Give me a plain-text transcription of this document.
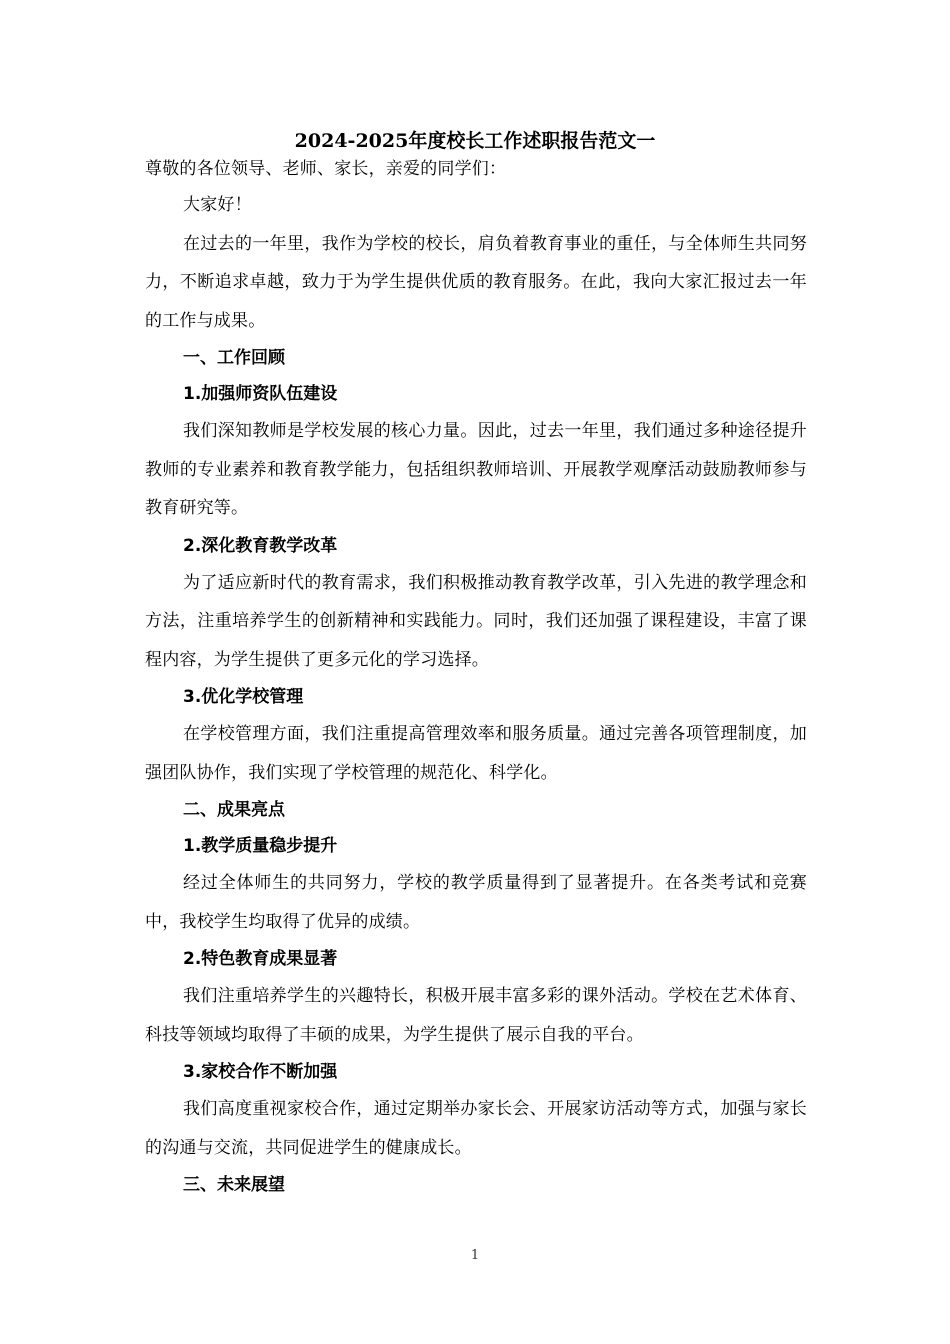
2024-2025年度校长工作述职报告范文一

尊敬的各位领导、老师、家长，亲爱的同学们：

大家好！

在过去的一年里，我作为学校的校长，肩负着教育事业的重任，与全体师生共同努力，不断追求卓越，致力于为学生提供优质的教育服务。在此，我向大家汇报过去一年的工作与成果。

一、工作回顾

1.加强师资队伍建设

我们深知教师是学校发展的核心力量。因此，过去一年里，我们通过多种途径提升教师的专业素养和教育教学能力，包括组织教师培训、开展教学观摩活动鼓励教师参与教育研究等。

2.深化教育教学改革

为了适应新时代的教育需求，我们积极推动教育教学改革，引入先进的教学理念和方法，注重培养学生的创新精神和实践能力。同时，我们还加强了课程建设，丰富了课程内容，为学生提供了更多元化的学习选择。

3.优化学校管理

在学校管理方面，我们注重提高管理效率和服务质量。通过完善各项管理制度，加强团队协作，我们实现了学校管理的规范化、科学化。

二、成果亮点

1.教学质量稳步提升

经过全体师生的共同努力，学校的教学质量得到了显著提升。在各类考试和竞赛中，我校学生均取得了优异的成绩。

2.特色教育成果显著

我们注重培养学生的兴趣特长，积极开展丰富多彩的课外活动。学校在艺术体育、科技等领域均取得了丰硕的成果，为学生提供了展示自我的平台。

3.家校合作不断加强

我们高度重视家校合作，通过定期举办家长会、开展家访活动等方式，加强与家长的沟通与交流，共同促进学生的健康成长。

三、未来展望

1
